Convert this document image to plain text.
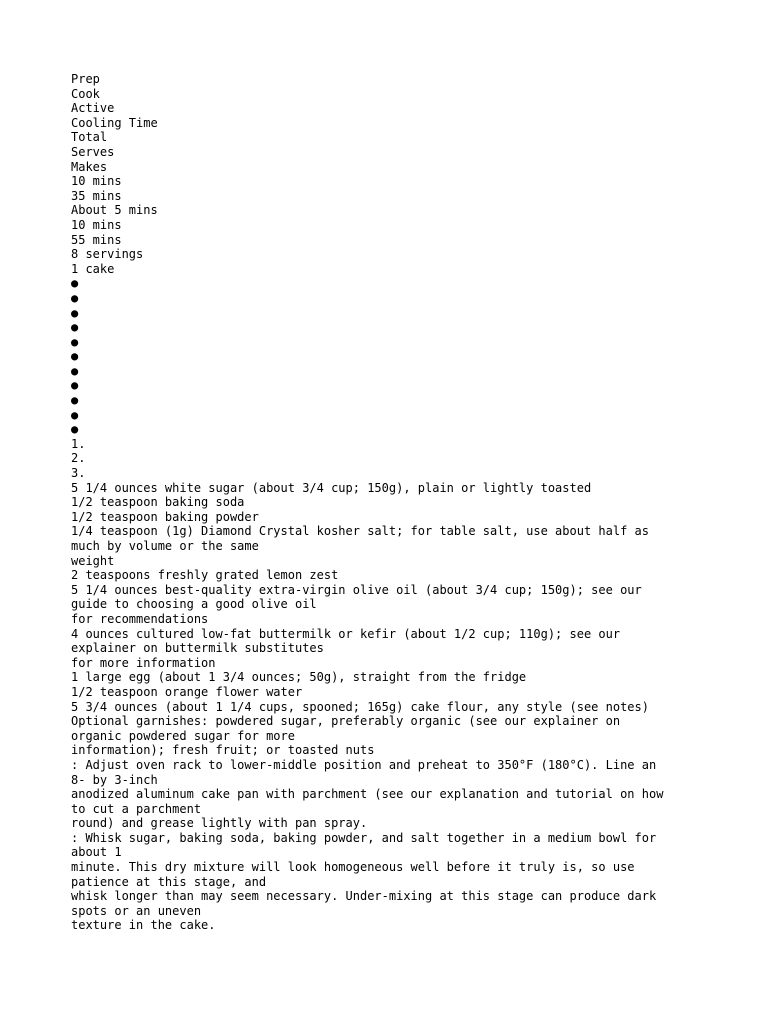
Prep
Cook
Active
Cooling Time
Total
Serves
Makes
10 mins
35 mins
About 5 mins
10 mins
55 mins
8 servings
1 cake
●
●
●
●
●
●
●
●
●
●
●
1.
2.
3.
5 1/4 ounces white sugar (about 3/4 cup; 150g), plain or lightly toasted
1/2 teaspoon baking soda
1/2 teaspoon baking powder
1/4 teaspoon (1g) Diamond Crystal kosher salt; for table salt, use about half as
much by volume or the same
weight
2 teaspoons freshly grated lemon zest
5 1/4 ounces best-quality extra-virgin olive oil (about 3/4 cup; 150g); see our
guide to choosing a good olive oil
for recommendations
4 ounces cultured low-fat buttermilk or kefir (about 1/2 cup; 110g); see our
explainer on buttermilk substitutes
for more information
1 large egg (about 1 3/4 ounces; 50g), straight from the fridge
1/2 teaspoon orange flower water
5 3/4 ounces (about 1 1/4 cups, spooned; 165g) cake flour, any style (see notes)
Optional garnishes: powdered sugar, preferably organic (see our explainer on
organic powdered sugar for more
information); fresh fruit; or toasted nuts
: Adjust oven rack to lower-middle position and preheat to 350°F (180°C). Line an
8- by 3-inch
anodized aluminum cake pan with parchment (see our explanation and tutorial on how
to cut a parchment
round) and grease lightly with pan spray.
: Whisk sugar, baking soda, baking powder, and salt together in a medium bowl for
about 1
minute. This dry mixture will look homogeneous well before it truly is, so use
patience at this stage, and
whisk longer than may seem necessary. Under-mixing at this stage can produce dark
spots or an uneven
texture in the cake.
